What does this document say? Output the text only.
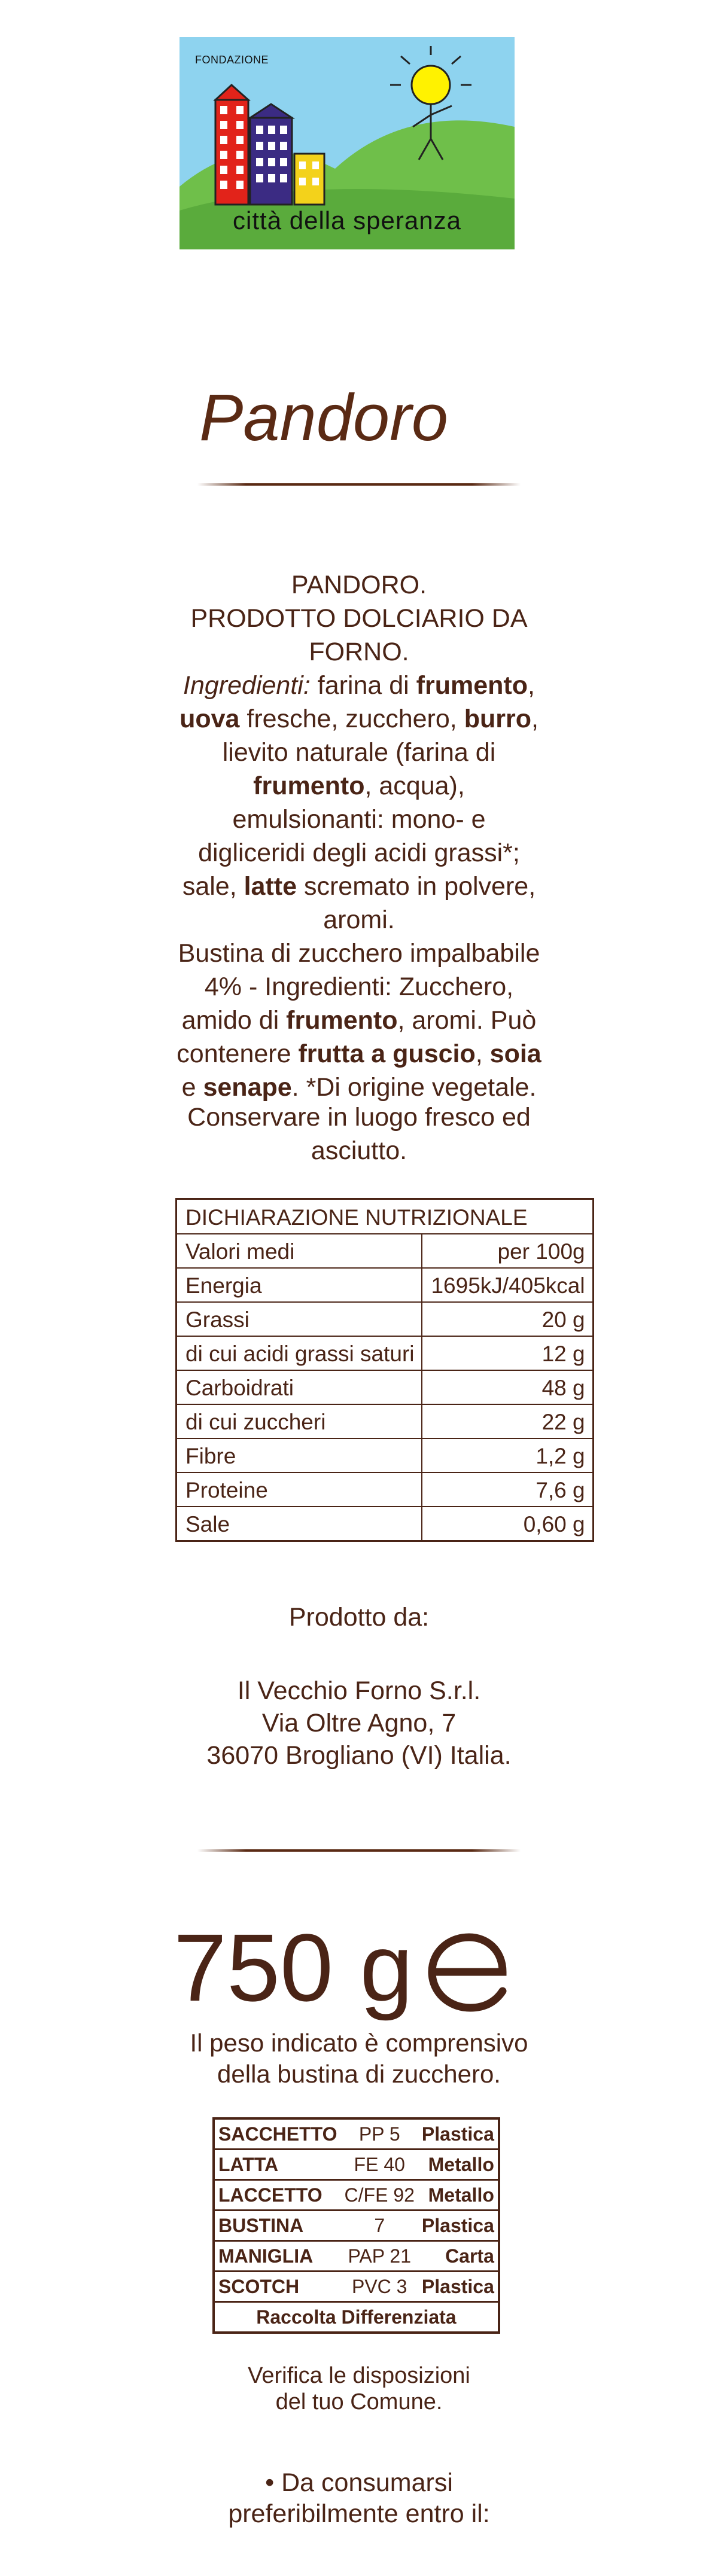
FONDAZIONE
città della speranza
Pandoro

PANDORO.

PRODOTTO DOLCIARIO DA FORNO.

Ingredienti: farina di frumento,

uova fresche, zucchero, burro,

lievito naturale (farina di

frumento, acqua),

emulsionanti: mono- e

digliceridi degli acidi grassi*;

sale, latte scremato in polvere,

aromi.

Bustina di zucchero impalbabile

4% - Ingredienti: Zucchero,

amido di frumento, aromi. Può

contenere frutta a guscio, soia

e senape. *Di origine vegetale.

Conservare in luogo fresco ed
asciutto.
DICHIARAZIONE NUTRIZIONALE	
Valori medi	per 100g
Energia	1695kJ/405kcal
Grassi	20 g
di cui acidi grassi saturi	12 g
Carboidrati	48 g
di cui zuccheri	22 g
Fibre	1,2 g
Proteine	7,6 g
Sale	0,60 g
Prodotto da:
Il Vecchio Forno S.r.l.
Via Oltre Agno, 7
36070 Brogliano (VI) Italia.
750 g
Il peso indicato è comprensivo
della bustina di zucchero.
SACCHETTO	PP 5	Plastica
LATTA	FE 40	Metallo
LACCETTO	C/FE 92	Metallo
BUSTINA	7	Plastica
MANIGLIA	PAP 21	Carta
SCOTCH	PVC 3	Plastica
Raccolta Differenziata		
Verifica le disposizioni
del tuo Comune.
• Da consumarsi
preferibilmente entro il:
